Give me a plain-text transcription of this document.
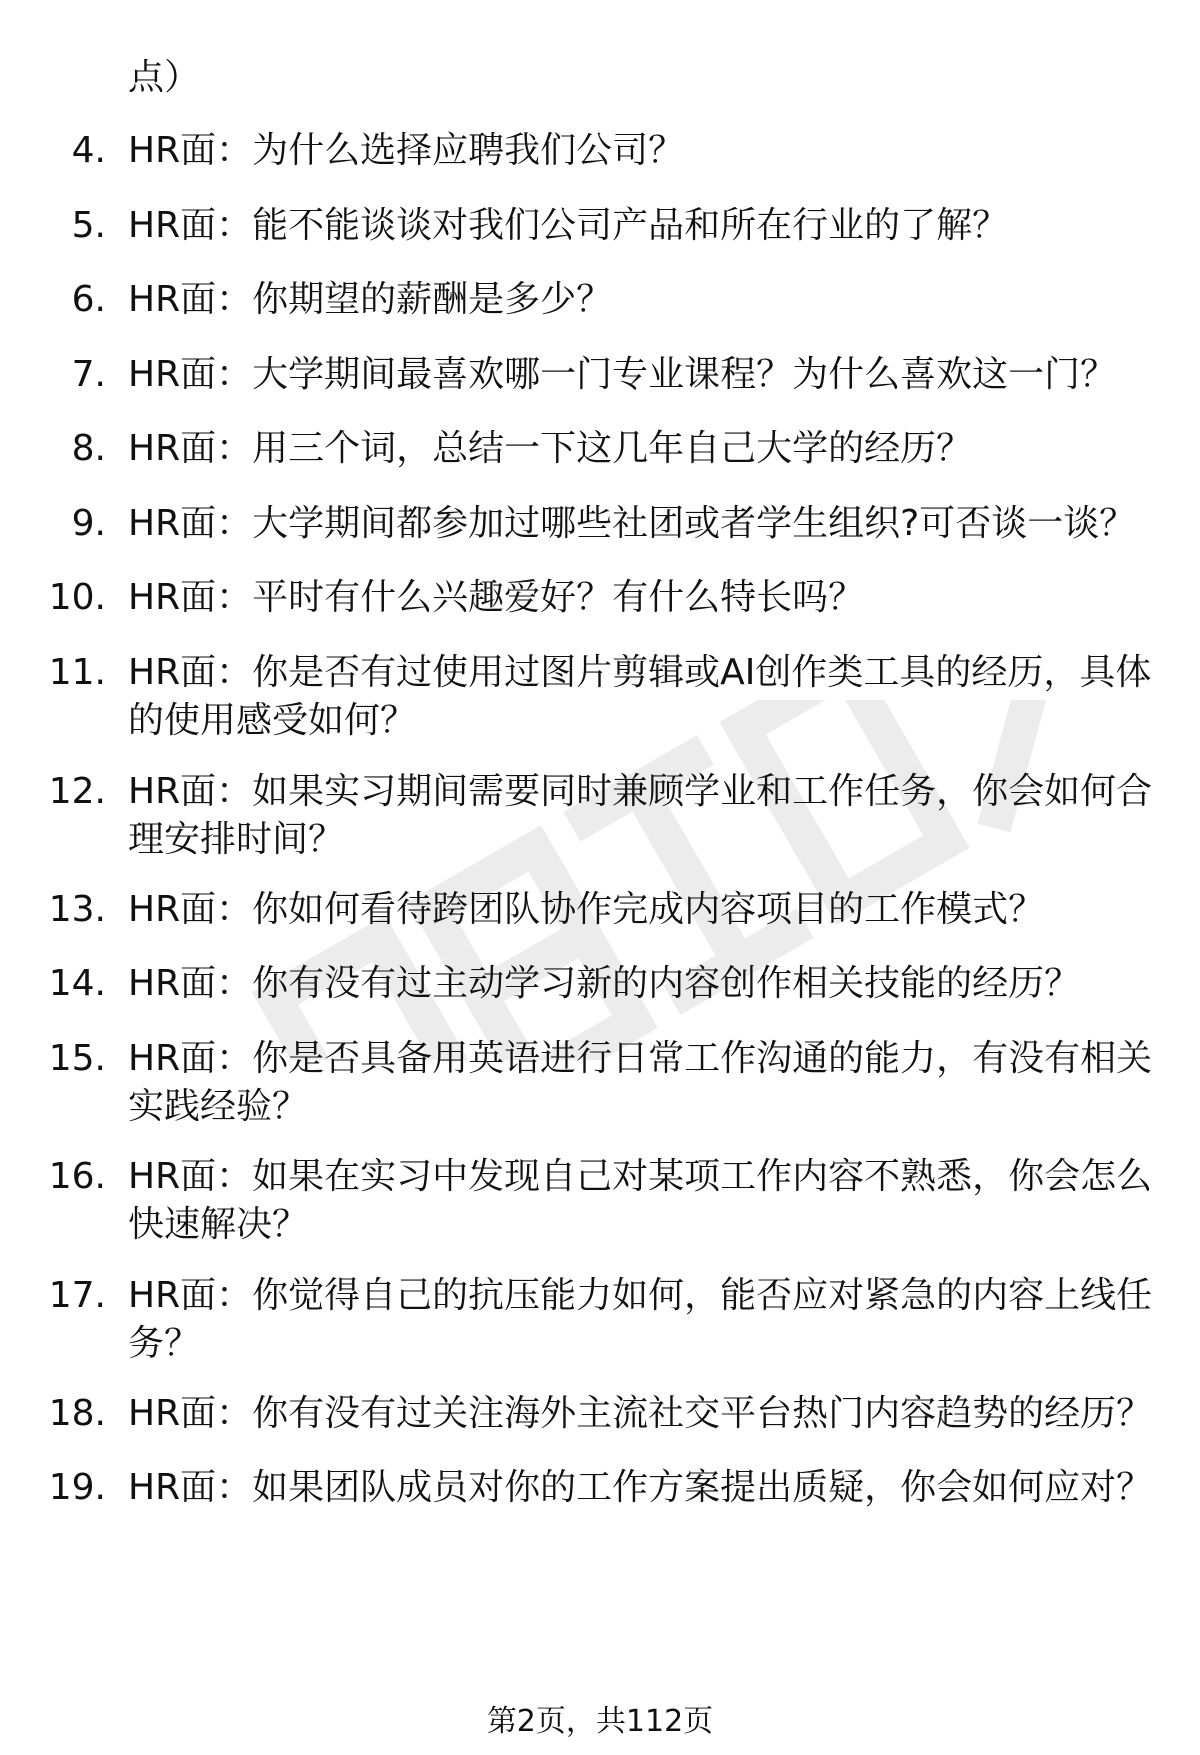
点）
4. HR面：为什么选择应聘我们公司？
5. HR面：能不能谈谈对我们公司产品和所在行业的了解？
6. HR面：你期望的薪酬是多少？
7. HR面：大学期间最喜欢哪一门专业课程？为什么喜欢这一门？
8. HR面：用三个词，总结一下这几年自己大学的经历？
9. HR面：大学期间都参加过哪些社团或者学生组织?可否谈一谈？
10. HR面：平时有什么兴趣爱好？有什么特长吗？
11. HR面：你是否有过使用过图片剪辑或AI创作类工具的经历，具体的使用感受如何？
12. HR面：如果实习期间需要同时兼顾学业和工作任务，你会如何合理安排时间？
13. HR面：你如何看待跨团队协作完成内容项目的工作模式？
14. HR面：你有没有过主动学习新的内容创作相关技能的经历？
15. HR面：你是否具备用英语进行日常工作沟通的能力，有没有相关实践经验？
16. HR面：如果在实习中发现自己对某项工作内容不熟悉，你会怎么快速解决？
17. HR面：你觉得自己的抗压能力如何，能否应对紧急的内容上线任务？
18. HR面：你有没有过关注海外主流社交平台热门内容趋势的经历？
19. HR面：如果团队成员对你的工作方案提出质疑，你会如何应对？
第2页，共112页
